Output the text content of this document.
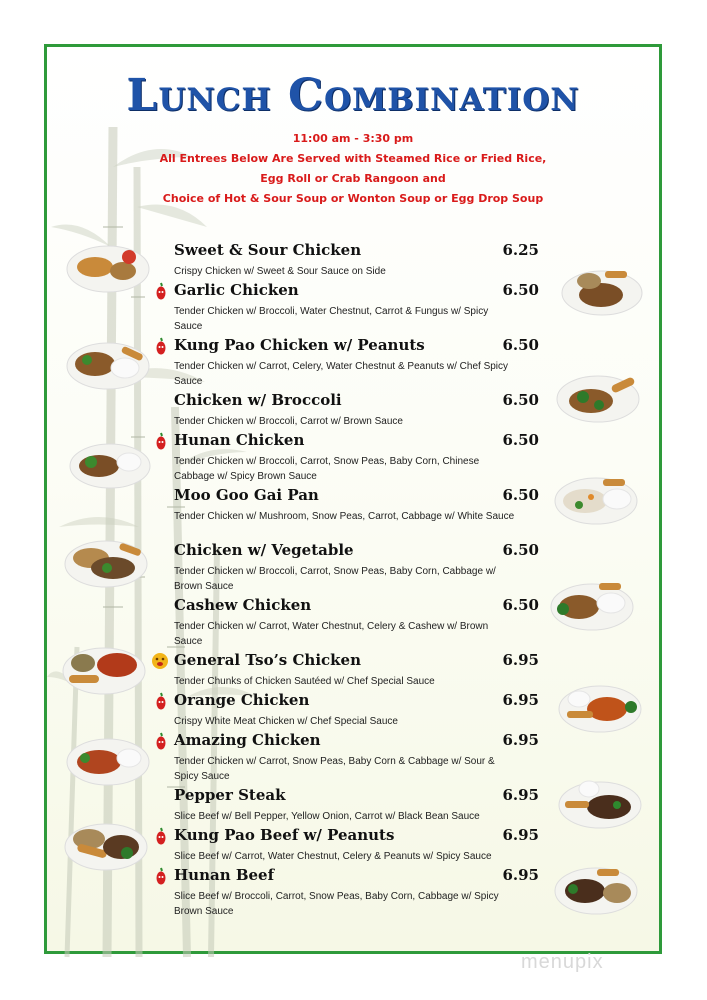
Lunch Combination
11:00 am - 3:30 pm
All Entrees Below Are Served with Steamed Rice or Fried Rice,
Egg Roll or Crab Rangoon and
Choice of Hot & Sour Soup or Wonton Soup or Egg Drop Soup
Sweet & Sour Chicken	6.25
Crispy Chicken w/ Sweet & Sour Sauce on Side
Garlic Chicken	6.50
Tender Chicken w/ Broccoli, Water Chestnut, Carrot & Fungus w/ Spicy Sauce
Kung Pao Chicken w/ Peanuts	6.50
Tender Chicken w/ Carrot, Celery, Water Chestnut & Peanuts w/ Chef Spicy Sauce
Chicken w/ Broccoli	6.50
Tender Chicken w/ Broccoli, Carrot w/ Brown Sauce
Hunan Chicken	6.50
Tender Chicken w/ Broccoli, Carrot, Snow Peas, Baby Corn, Chinese Cabbage w/ Spicy Brown Sauce
Moo Goo Gai Pan	6.50
Tender Chicken w/ Mushroom, Snow Peas, Carrot, Cabbage w/ White Sauce
Chicken w/ Vegetable	6.50
Tender Chicken w/ Broccoli, Carrot, Snow Peas, Baby Corn, Cabbage w/ Brown Sauce
Cashew Chicken	6.50
Tender Chicken w/ Carrot, Water Chestnut, Celery & Cashew w/ Brown Sauce
General Tso’s Chicken	6.95
Tender Chunks of Chicken Sautéed w/ Chef Special Sauce
Orange Chicken	6.95
Crispy White Meat Chicken w/ Chef Special Sauce
Amazing Chicken	6.95
Tender Chicken w/ Carrot, Snow Peas, Baby Corn & Cabbage w/ Sour & Spicy Sauce
Pepper Steak	6.95
Slice Beef w/ Bell Pepper, Yellow Onion, Carrot w/ Black Bean Sauce
Kung Pao Beef w/ Peanuts	6.95
Slice Beef w/ Carrot, Water Chestnut, Celery & Peanuts w/ Spicy Sauce
Hunan Beef	6.95
Slice Beef w/ Broccoli, Carrot, Snow Peas, Baby Corn, Cabbage w/ Spicy Brown Sauce
menupix
